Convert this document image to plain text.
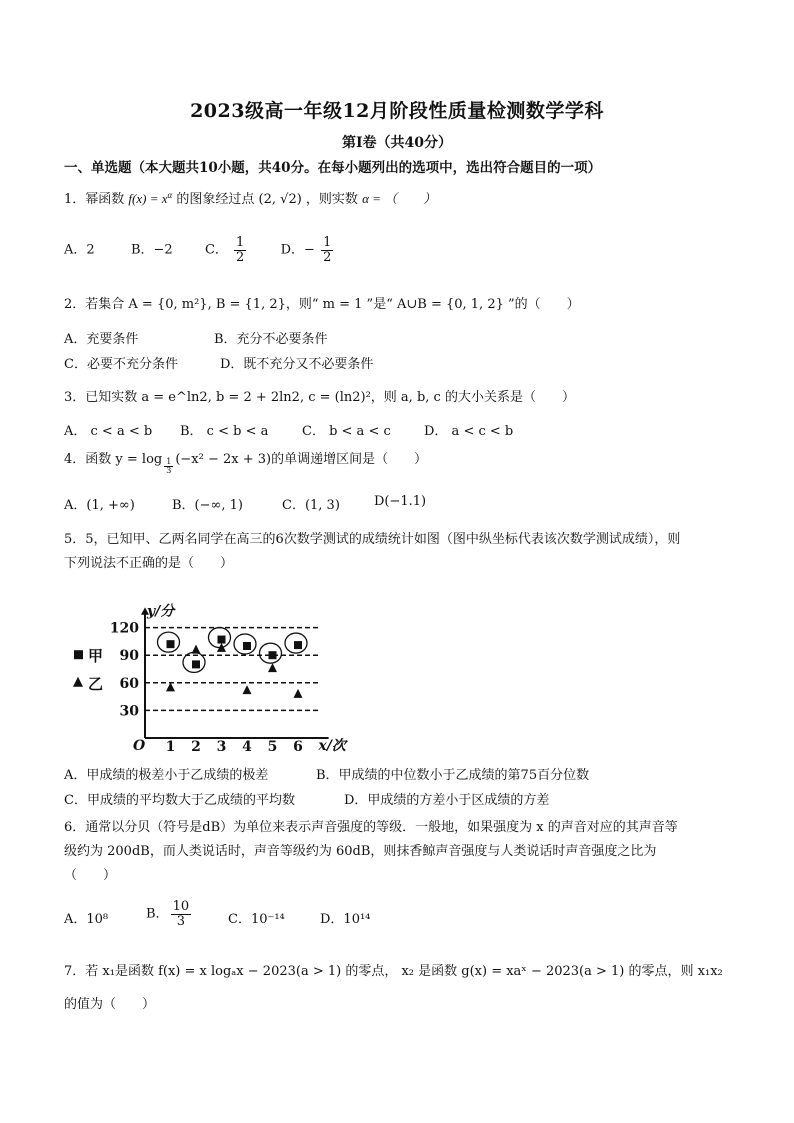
2023级高一年级12月阶段性质量检测数学学科
第Ⅰ卷（共40分）
一、单选题（本大题共10小题，共40分。在每小题列出的选项中，选出符合题目的一项）
1．幂函数 $f(x) = x^\alpha$ 的图象经过点 (2, √2) ，则实数 α = （　　）
A．2	B．−2 C． $\frac{1}{2}$	D．− $\frac{1}{2}$
2．若集合 A = {0, m²}, B = {1, 2}，则“ m = 1 ”是“ A∪B = {0, 1, 2} ”的（　　）
A．充要条件	B．充分不必要条件
C．必要不充分条件	D．既不充分又不必要条件
3．已知实数 a = e^ln2, b = 2 + 2ln2, c = (ln2)²，则 a, b, c 的大小关系是（　　）
A． c < a < b B． c < b < a	C． b < a < c	D． a < c < b
4．函数 $y = \log \frac{1}{3} (-x^2 - 2x + 3)$的单调递增区间是（　　）
A．(1, +∞)	B．(−∞, 1)	C．(1, 3)	D(−1.1)
5．5，已知甲、乙两名同学在高三的6次数学测试的成绩统计如图（图中纵坐标代表该次数学测试成绩），则
下列说法不正确的是（　　）
y/分
x/次
O
30
60
90
120
1 2 3 4 5 6
甲
乙
A．甲成绩的极差小于乙成绩的极差	B．甲成绩的中位数小于乙成绩的第75百分位数
C．甲成绩的平均数大于乙成绩的平均数	D．甲成绩的方差小于区成绩的方差
6．通常以分贝（符号是dB）为单位来表示声音强度的等级．一般地，如果强度为 x 的声音对应的其声音等
级约为 200dB，而人类说话时，声音等级约为 60dB，则抹香鲸声音强度与人类说话时声音强度之比为
（　　）
A．10⁸	B． $\frac{10}{3}$	C．10⁻¹⁴	D．10¹⁴
7．若 x₁是函数 f(x) = x logₐx − 2023(a > 1) 的零点， x₂ 是函数 g(x) = xaˣ − 2023(a > 1) 的零点，则 x₁x₂
的值为（　　）
